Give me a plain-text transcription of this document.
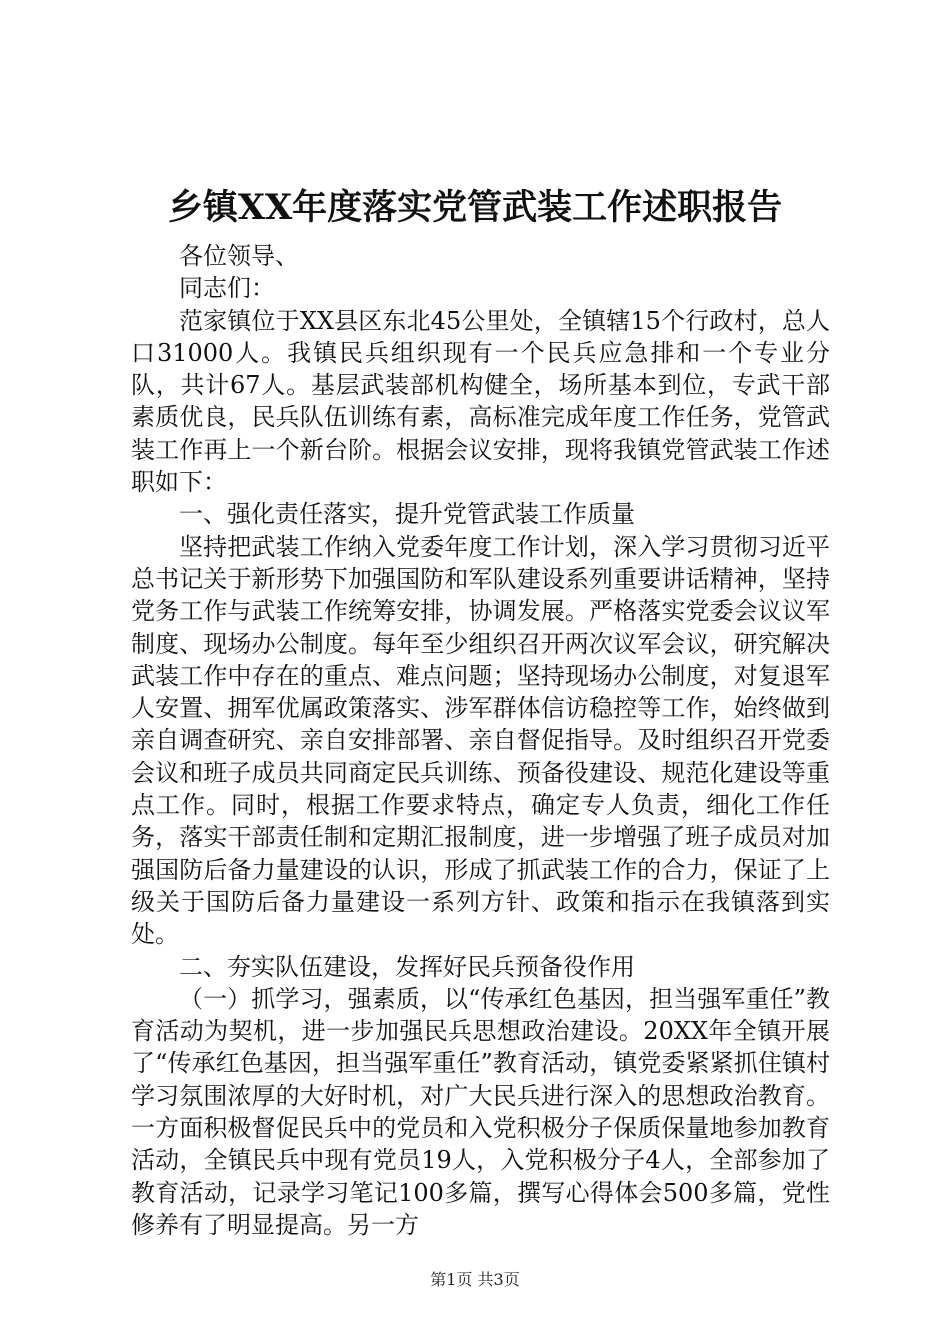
乡镇XX年度落实党管武装工作述职报告

各位领导、

同志们：

范家镇位于XX县区东北45公里处，全镇辖15个行政村，总人口31000人。我镇民兵组织现有一个民兵应急排和一个专业分队，共计67人。基层武装部机构健全，场所基本到位，专武干部素质优良，民兵队伍训练有素，高标准完成年度工作任务，党管武装工作再上一个新台阶。根据会议安排，现将我镇党管武装工作述职如下：

一、强化责任落实，提升党管武装工作质量

坚持把武装工作纳入党委年度工作计划，深入学习贯彻习近平总书记关于新形势下加强国防和军队建设系列重要讲话精神，坚持党务工作与武装工作统筹安排，协调发展。严格落实党委会议议军制度、现场办公制度。每年至少组织召开两次议军会议，研究解决武装工作中存在的重点、难点问题；坚持现场办公制度，对复退军人安置、拥军优属政策落实、涉军群体信访稳控等工作，始终做到亲自调查研究、亲自安排部署、亲自督促指导。及时组织召开党委会议和班子成员共同商定民兵训练、预备役建设、规范化建设等重点工作。同时，根据工作要求特点，确定专人负责，细化工作任务，落实干部责任制和定期汇报制度，进一步增强了班子成员对加强国防后备力量建设的认识，形成了抓武装工作的合力，保证了上级关于国防后备力量建设一系列方针、政策和指示在我镇落到实处。

二、夯实队伍建设，发挥好民兵预备役作用

（一）抓学习，强素质，以“传承红色基因，担当强军重任”教育活动为契机，进一步加强民兵思想政治建设。20XX年全镇开展了“传承红色基因，担当强军重任”教育活动，镇党委紧紧抓住镇村学习氛围浓厚的大好时机，对广大民兵进行深入的思想政治教育。一方面积极督促民兵中的党员和入党积极分子保质保量地参加教育活动，全镇民兵中现有党员19人，入党积极分子4人，全部参加了教育活动，记录学习笔记100多篇，撰写心得体会500多篇，党性修养有了明显提高。另一方

第1页 共3页
